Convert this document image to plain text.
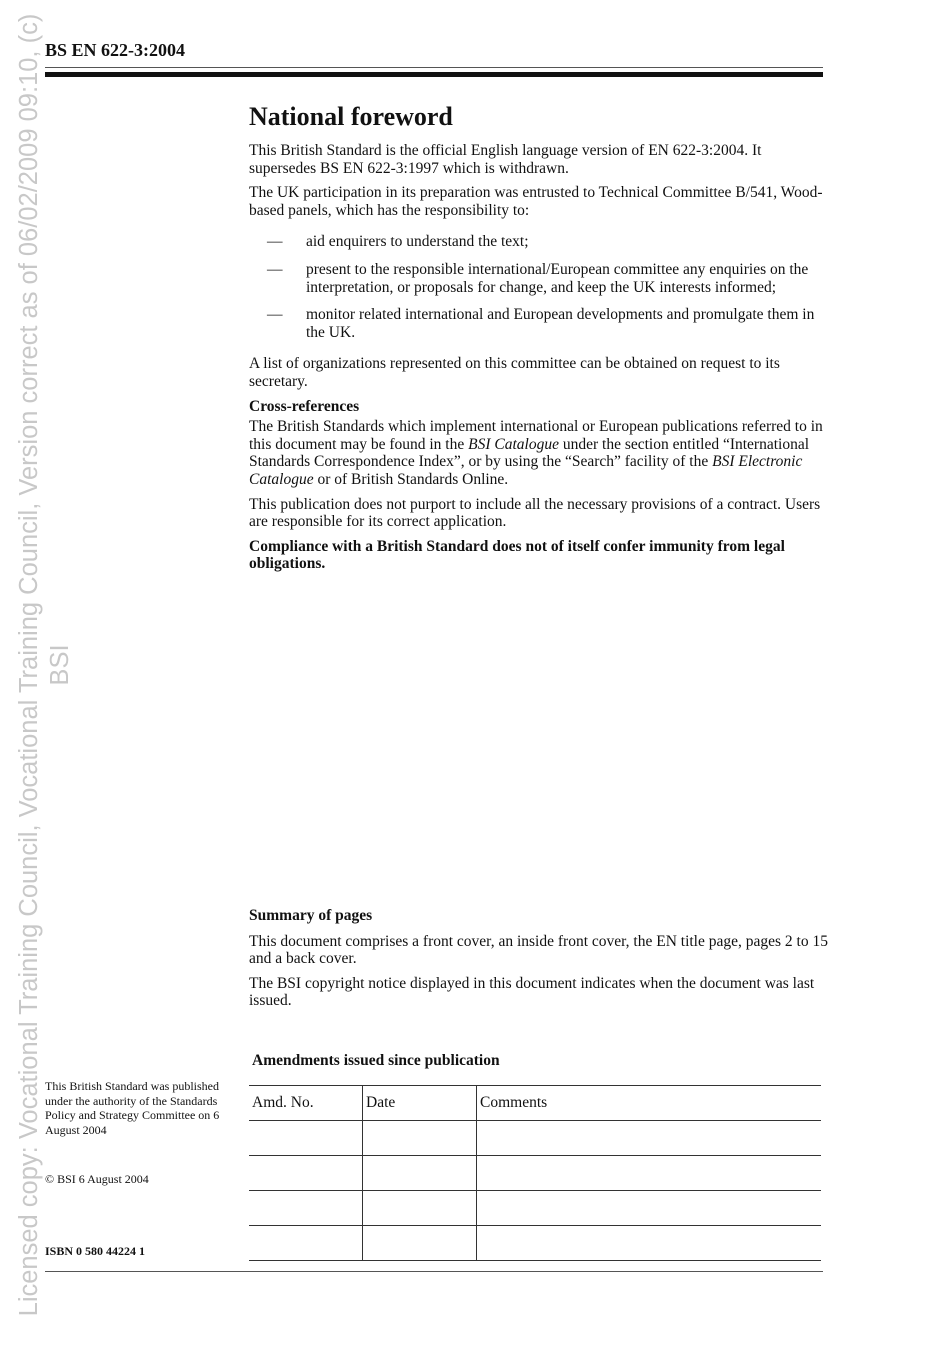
Licensed copy: Vocational Training Council, Vocational Training Council, Version correct as of 06/02/2009 09:10, (c) BSI
BS EN 622-3:2004
National foreword

This British Standard is the official English language version of EN 622-3:2004. It supersedes BS EN 622-3:1997 which is withdrawn.

The UK participation in its preparation was entrusted to Technical Committee B/541, Wood-based panels, which has the responsibility to:

— aid enquirers to understand the text;
— present to the responsible international/European committee any enquiries on the interpretation, or proposals for change, and keep the UK interests informed;
— monitor related international and European developments and promulgate them in the UK.

A list of organizations represented on this committee can be obtained on request to its secretary.

Cross-references

The British Standards which implement international or European publications referred to in this document may be found in the BSI Catalogue under the section entitled “International Standards Correspondence Index”, or by using the “Search” facility of the BSI Electronic Catalogue or of British Standards Online.

This publication does not purport to include all the necessary provisions of a contract. Users are responsible for its correct application.

Compliance with a British Standard does not of itself confer immunity from legal obligations.

Summary of pages

This document comprises a front cover, an inside front cover, the EN title page, pages 2 to 15 and a back cover.

The BSI copyright notice displayed in this document indicates when the document was last issued.

Amendments issued since publication
Amd. No.	Date	Comments

This British Standard was published under the authority of the Standards Policy and Strategy Committee on 6 August 2004
© BSI 6 August 2004
ISBN 0 580 44224 1
